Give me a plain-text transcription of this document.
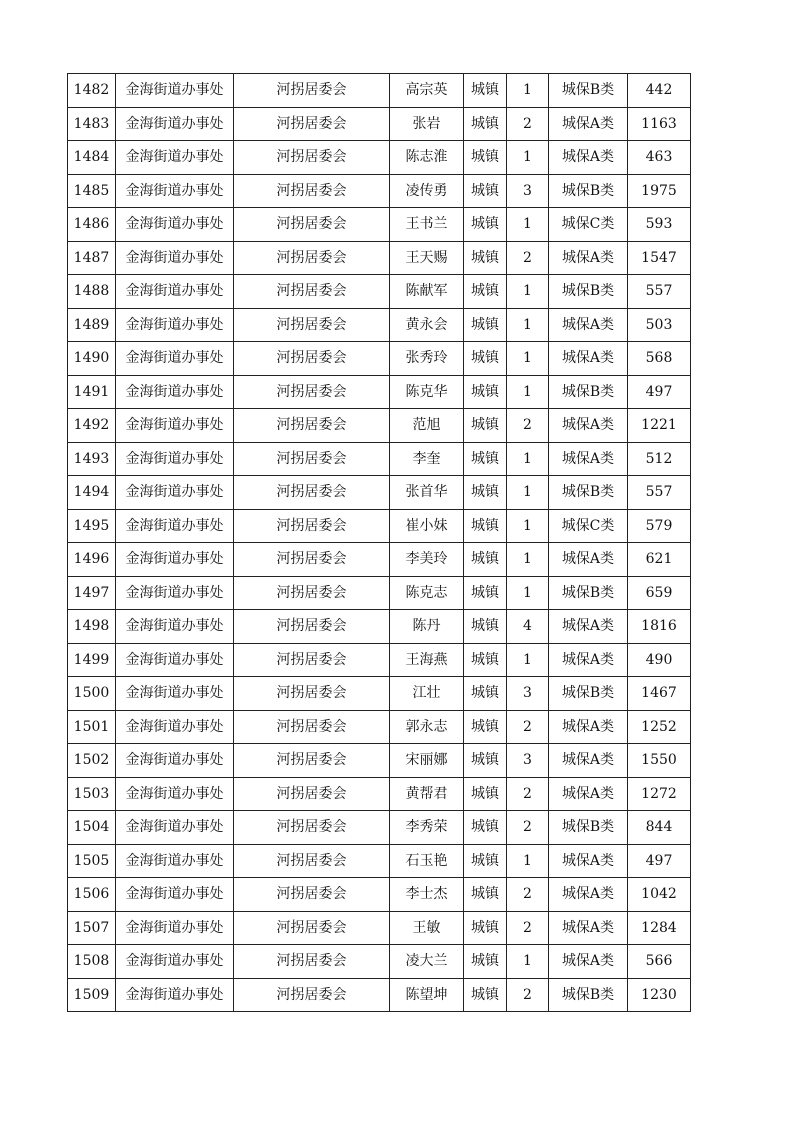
1482	金海街道办事处	河拐居委会	高宗英	城镇	1	城保B类	442
1483	金海街道办事处	河拐居委会	张岩	城镇	2	城保A类	1163
1484	金海街道办事处	河拐居委会	陈志淮	城镇	1	城保A类	463
1485	金海街道办事处	河拐居委会	凌传勇	城镇	3	城保B类	1975
1486	金海街道办事处	河拐居委会	王书兰	城镇	1	城保C类	593
1487	金海街道办事处	河拐居委会	王天赐	城镇	2	城保A类	1547
1488	金海街道办事处	河拐居委会	陈献军	城镇	1	城保B类	557
1489	金海街道办事处	河拐居委会	黄永会	城镇	1	城保A类	503
1490	金海街道办事处	河拐居委会	张秀玲	城镇	1	城保A类	568
1491	金海街道办事处	河拐居委会	陈克华	城镇	1	城保B类	497
1492	金海街道办事处	河拐居委会	范旭	城镇	2	城保A类	1221
1493	金海街道办事处	河拐居委会	李奎	城镇	1	城保A类	512
1494	金海街道办事处	河拐居委会	张首华	城镇	1	城保B类	557
1495	金海街道办事处	河拐居委会	崔小妹	城镇	1	城保C类	579
1496	金海街道办事处	河拐居委会	李美玲	城镇	1	城保A类	621
1497	金海街道办事处	河拐居委会	陈克志	城镇	1	城保B类	659
1498	金海街道办事处	河拐居委会	陈丹	城镇	4	城保A类	1816
1499	金海街道办事处	河拐居委会	王海燕	城镇	1	城保A类	490
1500	金海街道办事处	河拐居委会	江壮	城镇	3	城保B类	1467
1501	金海街道办事处	河拐居委会	郭永志	城镇	2	城保A类	1252
1502	金海街道办事处	河拐居委会	宋丽娜	城镇	3	城保A类	1550
1503	金海街道办事处	河拐居委会	黄帮君	城镇	2	城保A类	1272
1504	金海街道办事处	河拐居委会	李秀荣	城镇	2	城保B类	844
1505	金海街道办事处	河拐居委会	石玉艳	城镇	1	城保A类	497
1506	金海街道办事处	河拐居委会	李士杰	城镇	2	城保A类	1042
1507	金海街道办事处	河拐居委会	王敏	城镇	2	城保A类	1284
1508	金海街道办事处	河拐居委会	凌大兰	城镇	1	城保A类	566
1509	金海街道办事处	河拐居委会	陈望坤	城镇	2	城保B类	1230
